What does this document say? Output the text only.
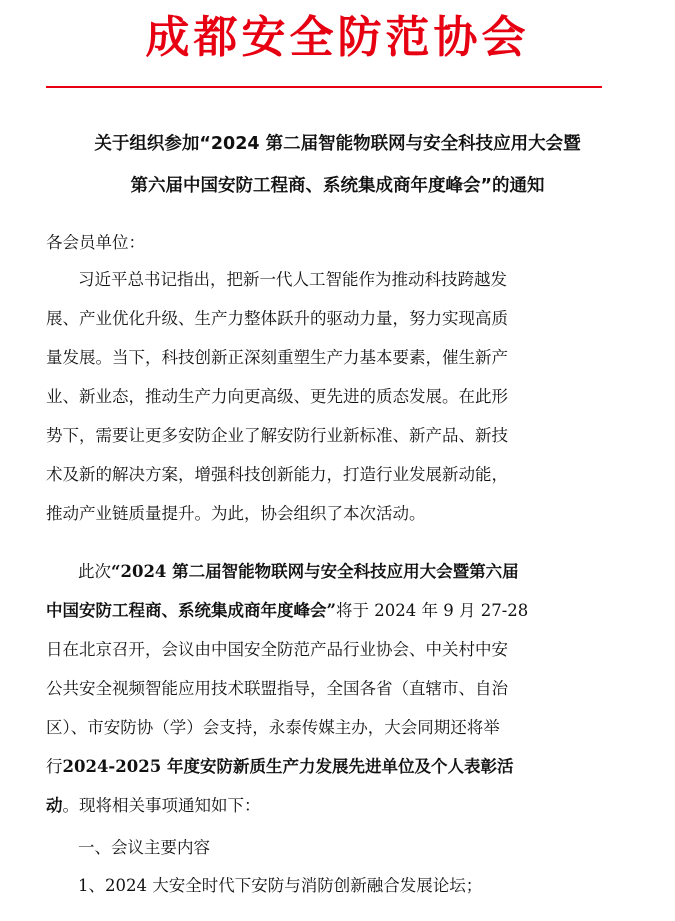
成都安全防范协会
关于组织参加“2024 第二届智能物联网与安全科技应用大会暨
第六届中国安防工程商、系统集成商年度峰会”的通知
各会员单位：
习近平总书记指出，把新一代人工智能作为推动科技跨越发
展、产业优化升级、生产力整体跃升的驱动力量，努力实现高质
量发展。当下，科技创新正深刻重塑生产力基本要素，催生新产
业、新业态，推动生产力向更高级、更先进的质态发展。在此形
势下，需要让更多安防企业了解安防行业新标准、新产品、新技
术及新的解决方案，增强科技创新能力，打造行业发展新动能，
推动产业链质量提升。为此，协会组织了本次活动。
此次“2024 第二届智能物联网与安全科技应用大会暨第六届
中国安防工程商、系统集成商年度峰会”将于 2024 年 9 月 27-28
日在北京召开，会议由中国安全防范产品行业协会、中关村中安
公共安全视频智能应用技术联盟指导，全国各省（直辖市、自治
区）、市安防协（学）会支持，永泰传媒主办，大会同期还将举
行2024-2025 年度安防新质生产力发展先进单位及个人表彰活
动。现将相关事项通知如下：
一、会议主要内容
1、2024 大安全时代下安防与消防创新融合发展论坛；
